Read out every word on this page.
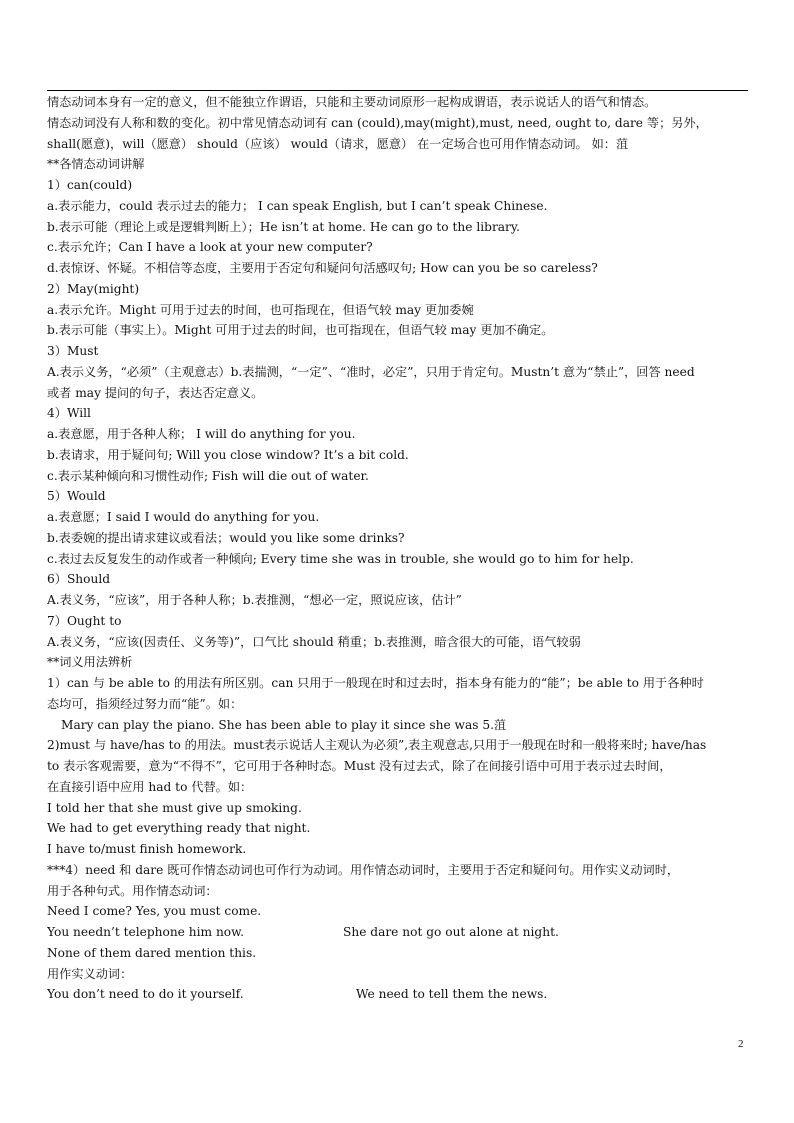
情态动词本身有一定的意义，但不能独立作谓语，只能和主要动词原形一起构成谓语，表示说话人的语气和情态。
情态动词没有人称和数的变化。初中常见情态动词有 can (could),may(might),must, need, ought to, dare 等；另外，
shall(愿意)，will（愿意） should（应该） would（请求，愿意） 在一定场合也可用作情态动词。 如：菹
**各情态动词讲解
1）can(could)
a.表示能力，could 表示过去的能力； I can speak English, but I can’t speak Chinese.
b.表示可能（理论上或是逻辑判断上）；He isn’t at home. He can go to the library.
c.表示允许；Can I have a look at your new computer?
d.表惊讶、怀疑。不相信等态度，主要用于否定句和疑问句活感叹句; How can you be so careless?
2）May(might)
a.表示允许。Might 可用于过去的时间，也可指现在，但语气较 may 更加委婉
b.表示可能（事实上）。Might 可用于过去的时间，也可指现在，但语气较 may 更加不确定。
3）Must
A.表示义务，“必须”（主观意志）b.表揣测，“一定”、“准时，必定”，只用于肯定句。Mustn’t 意为“禁止”，回答 need
或者 may 提问的句子，表达否定意义。
4）Will
a.表意愿，用于各种人称； I will do anything for you.
b.表请求，用于疑问句; Will you close window? It’s a bit cold.
c.表示某种倾向和习惯性动作; Fish will die out of water.
5）Would
a.表意愿；I said I would do anything for you.
b.表委婉的提出请求建议或看法；would you like some drinks?
c.表过去反复发生的动作或者一种倾向; Every time she was in trouble, she would go to him for help.
6）Should
A.表义务，“应该”，用于各种人称；b.表推测，“想必一定，照说应该，估计”
7）Ought to
A.表义务，“应该(因责任、义务等)”，口气比 should 稍重；b.表推测，暗含很大的可能，语气较弱
**词义用法辨析
1）can 与 be able to 的用法有所区别。can 只用于一般现在时和过去时，指本身有能力的“能”；be able to 用于各种时
态均可，指须经过努力而“能”。如：
Mary can play the piano. She has been able to play it since she was 5.菹
2)must 与 have/has to 的用法。must表示说话人主观认为必须”,表主观意志,只用于一般现在时和一般将来时; have/has
to 表示客观需要，意为“不得不”，它可用于各种时态。Must 没有过去式，除了在间接引语中可用于表示过去时间，
在直接引语中应用 had to 代替。如：
I told her that she must give up smoking.
We had to get everything ready that night.
I have to/must finish homework.
***4）need 和 dare 既可作情态动词也可作行为动词。用作情态动词时，主要用于否定和疑问句。用作实义动词时，
用于各种句式。用作情态动词：
Need I come? Yes, you must come.
You needn’t telephone him now.	She dare not go out alone at night.
None of them dared mention this.
用作实义动词：
You don’t need to do it yourself.	We need to tell them the news.
2
